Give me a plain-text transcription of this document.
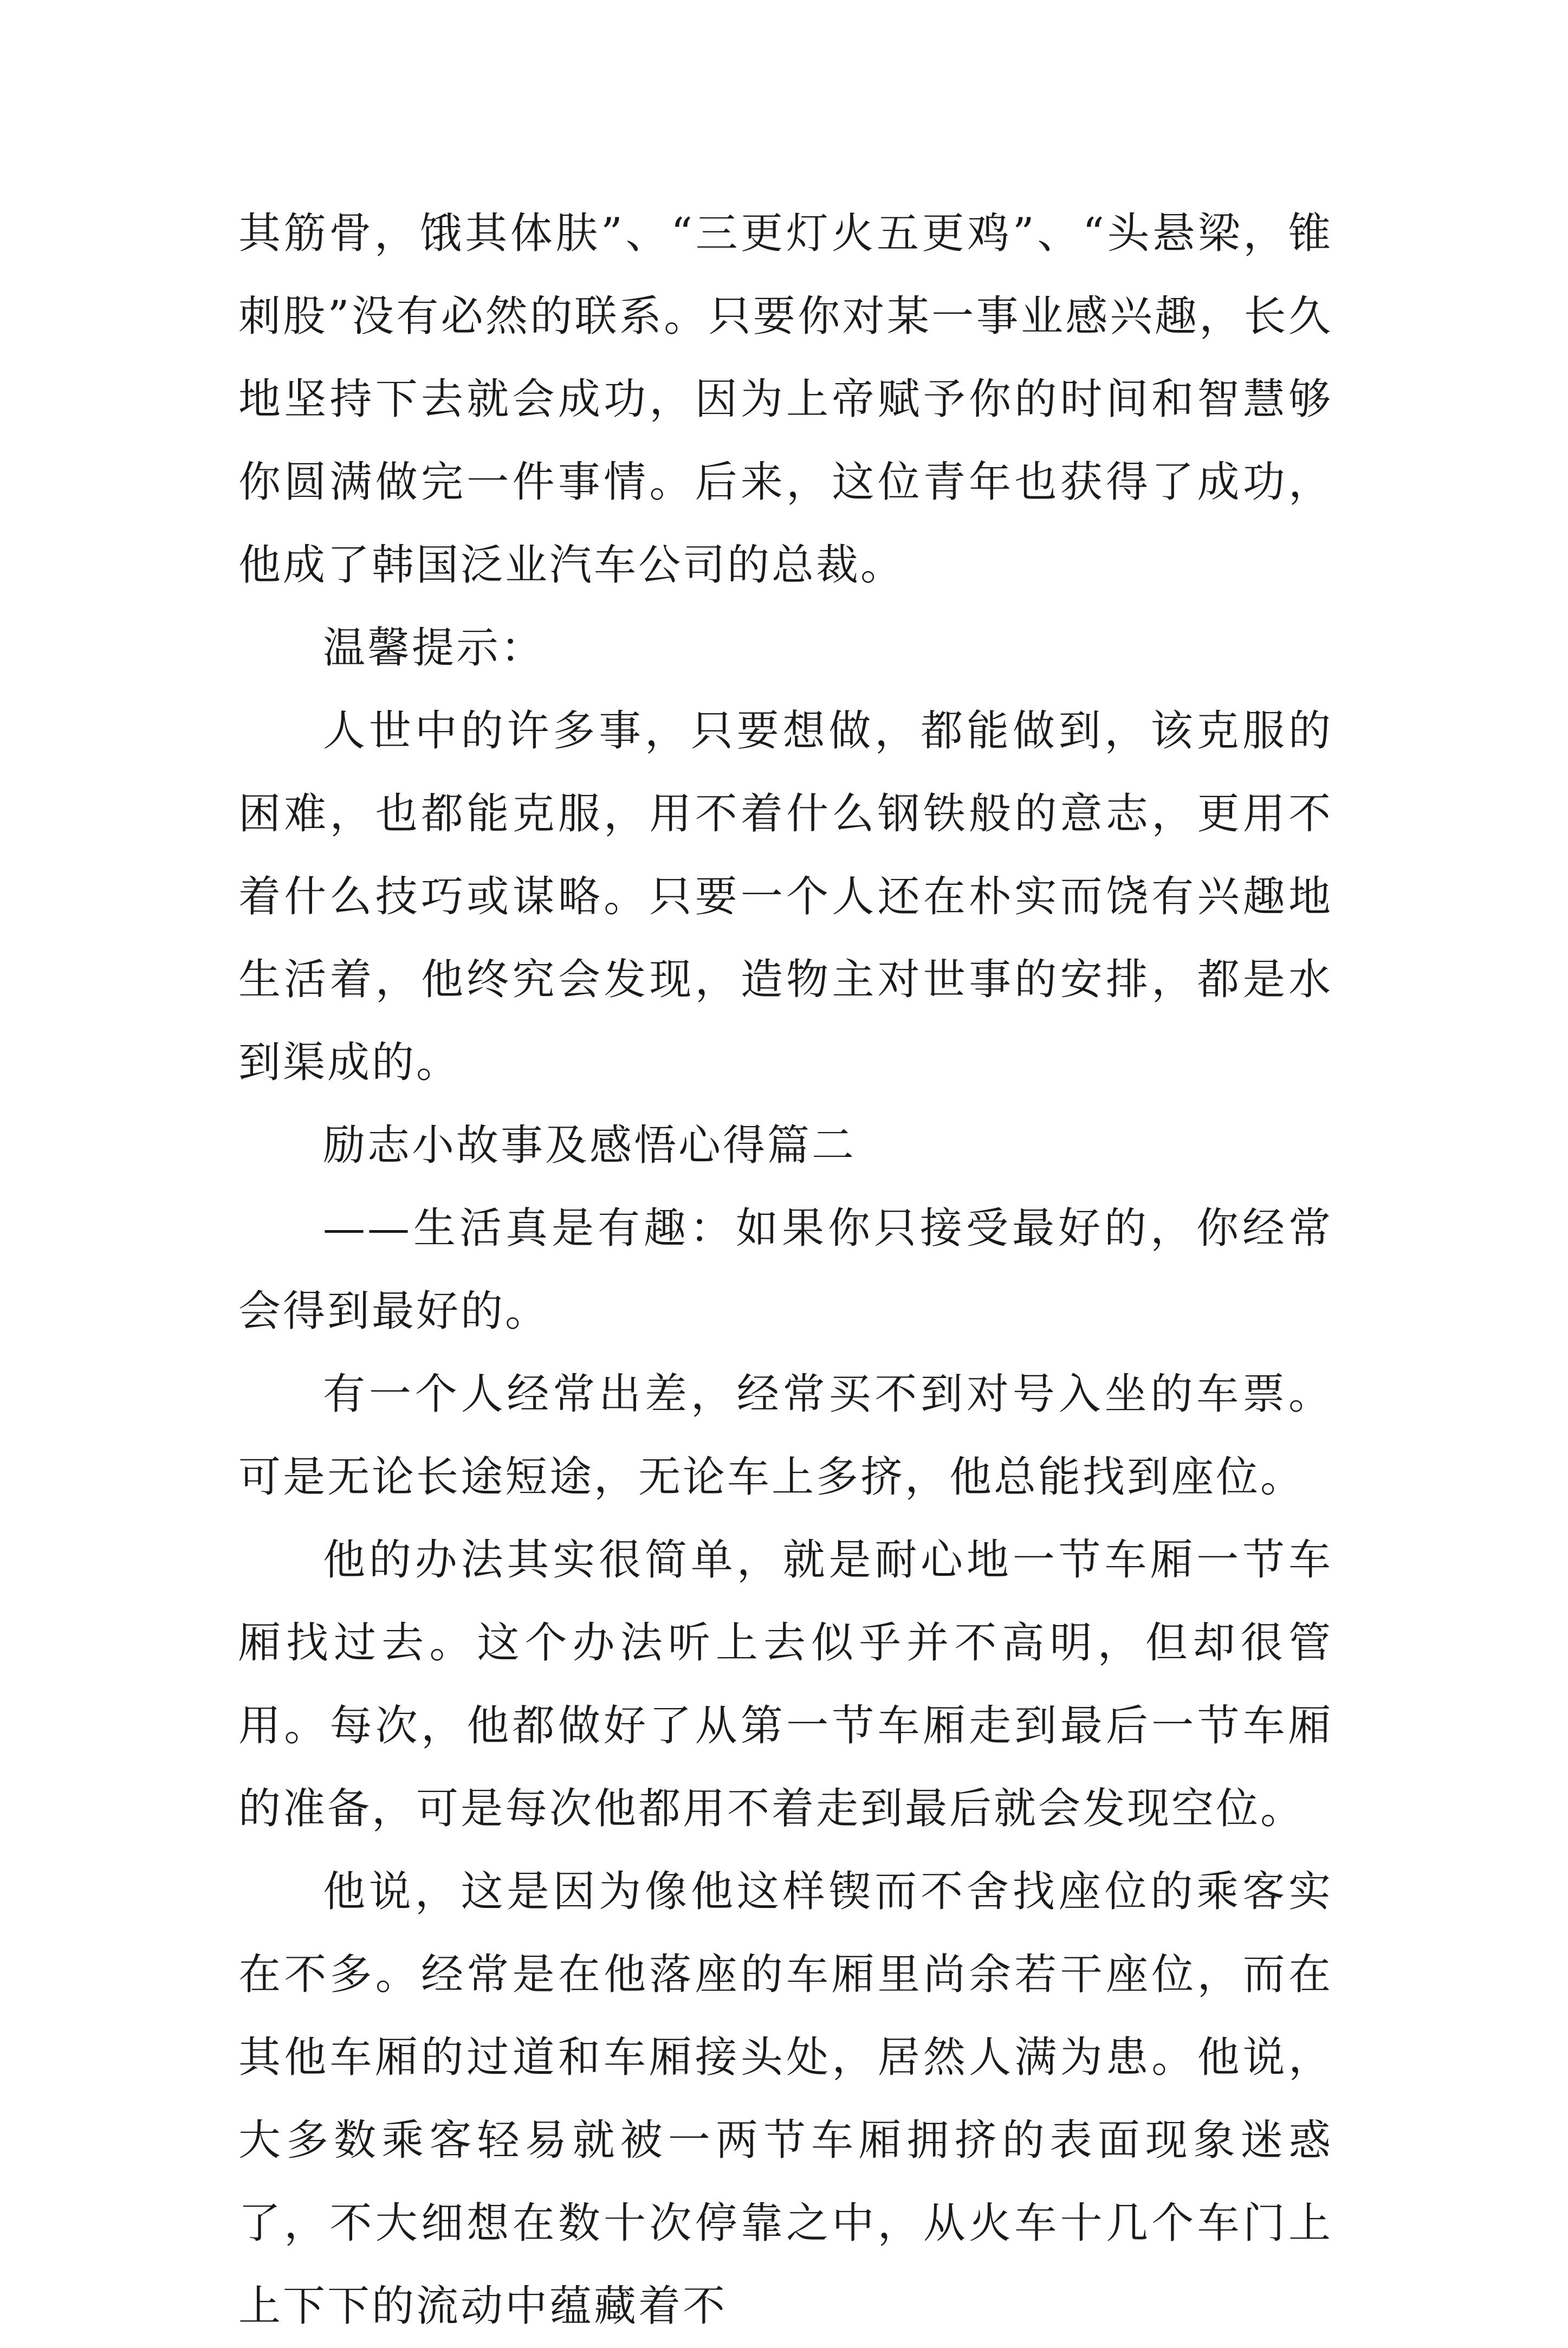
其筋骨，饿其体肤”、“三更灯火五更鸡”、“头悬梁，锥刺股”没有必然的联系。只要你对某一事业感兴趣，长久地坚持下去就会成功，因为上帝赋予你的时间和智慧够你圆满做完一件事情。后来，这位青年也获得了成功，他成了韩国泛业汽车公司的总裁。

温馨提示：

人世中的许多事，只要想做，都能做到，该克服的困难，也都能克服，用不着什么钢铁般的意志，更用不着什么技巧或谋略。只要一个人还在朴实而饶有兴趣地生活着，他终究会发现，造物主对世事的安排，都是水到渠成的。

励志小故事及感悟心得篇二

——生活真是有趣：如果你只接受最好的，你经常会得到最好的。

有一个人经常出差，经常买不到对号入坐的车票。可是无论长途短途，无论车上多挤，他总能找到座位。

他的办法其实很简单，就是耐心地一节车厢一节车厢找过去。这个办法听上去似乎并不高明，但却很管用。每次，他都做好了从第一节车厢走到最后一节车厢的准备，可是每次他都用不着走到最后就会发现空位。

他说，这是因为像他这样锲而不舍找座位的乘客实在不多。经常是在他落座的车厢里尚余若干座位，而在其他车厢的过道和车厢接头处，居然人满为患。他说，大多数乘客轻易就被一两节车厢拥挤的表面现象迷惑了，不大细想在数十次停靠之中，从火车十几个车门上上下下的流动中蕴藏着不
